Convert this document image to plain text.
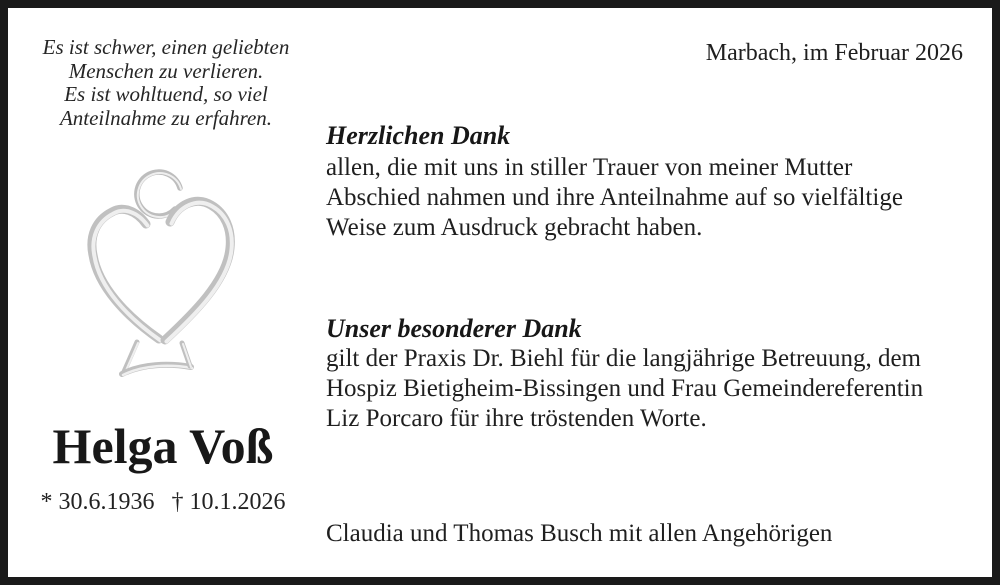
Es ist schwer, einen geliebten
Menschen zu verlieren.
Es ist wohltuend, so viel
Anteilnahme zu erfahren.
Marbach, im Februar 2026
Helga Voß
* 30.6.1936 † 10.1.2026
Herzlichen Dank
allen, die mit uns in stiller Trauer von meiner Mutter
Abschied nahmen und ihre Anteilnahme auf so vielfältige
Weise zum Ausdruck gebracht haben.
Unser besonderer Dank
gilt der Praxis Dr. Biehl für die langjährige Betreuung, dem
Hospiz Bietigheim-Bissingen und Frau Gemeindereferentin
Liz Porcaro für ihre tröstenden Worte.
Claudia und Thomas Busch mit allen Angehörigen
